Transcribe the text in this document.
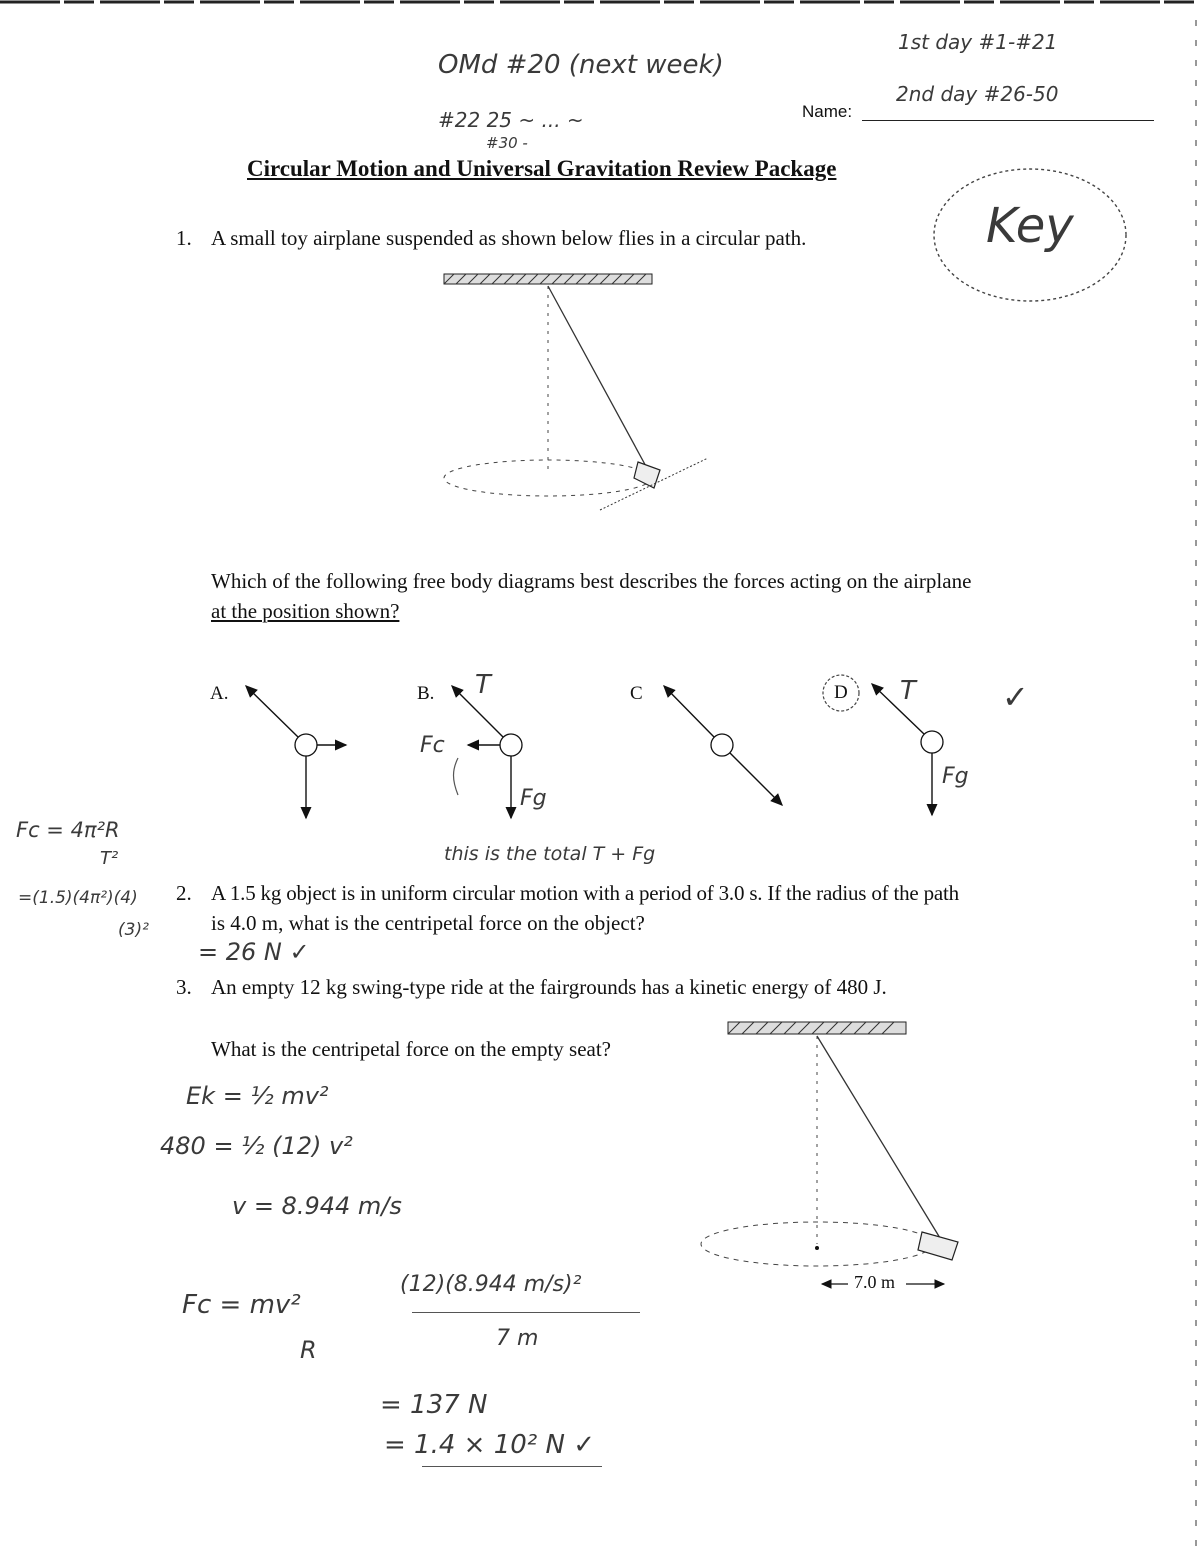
OMd #20 (next week)
#22 25 ~ ... ~
#30 -
1st day #1-#21
2nd day #26-50
Name:
Circular Motion and Universal Gravitation Review Package
Key
1. A small toy airplane suspended as shown below flies in a circular path.
Which of the following free body diagrams best describes the forces acting on the airplane
at the position shown?
A.	B.	C	D
T
Fc
Fg
T
Fg
✓
this is the total T + Fg
Fc = 4π²R
T²
=(1.5)(4π²)(4)
(3)²
2. A 1.5 kg object is in uniform circular motion with a period of 3.0 s. If the radius of the path
is 4.0 m, what is the centripetal force on the object?
= 26 N ✓
3. An empty 12 kg swing-type ride at the fairgrounds has a kinetic energy of 480 J.
What is the centripetal force on the empty seat?
7.0 m
Ek = ½ mv²
480 = ½ (12) v²
v = 8.944 m/s
Fc = mv²
R
(12)(8.944 m/s)²
7 m
= 137 N
= 1.4 × 10² N ✓
